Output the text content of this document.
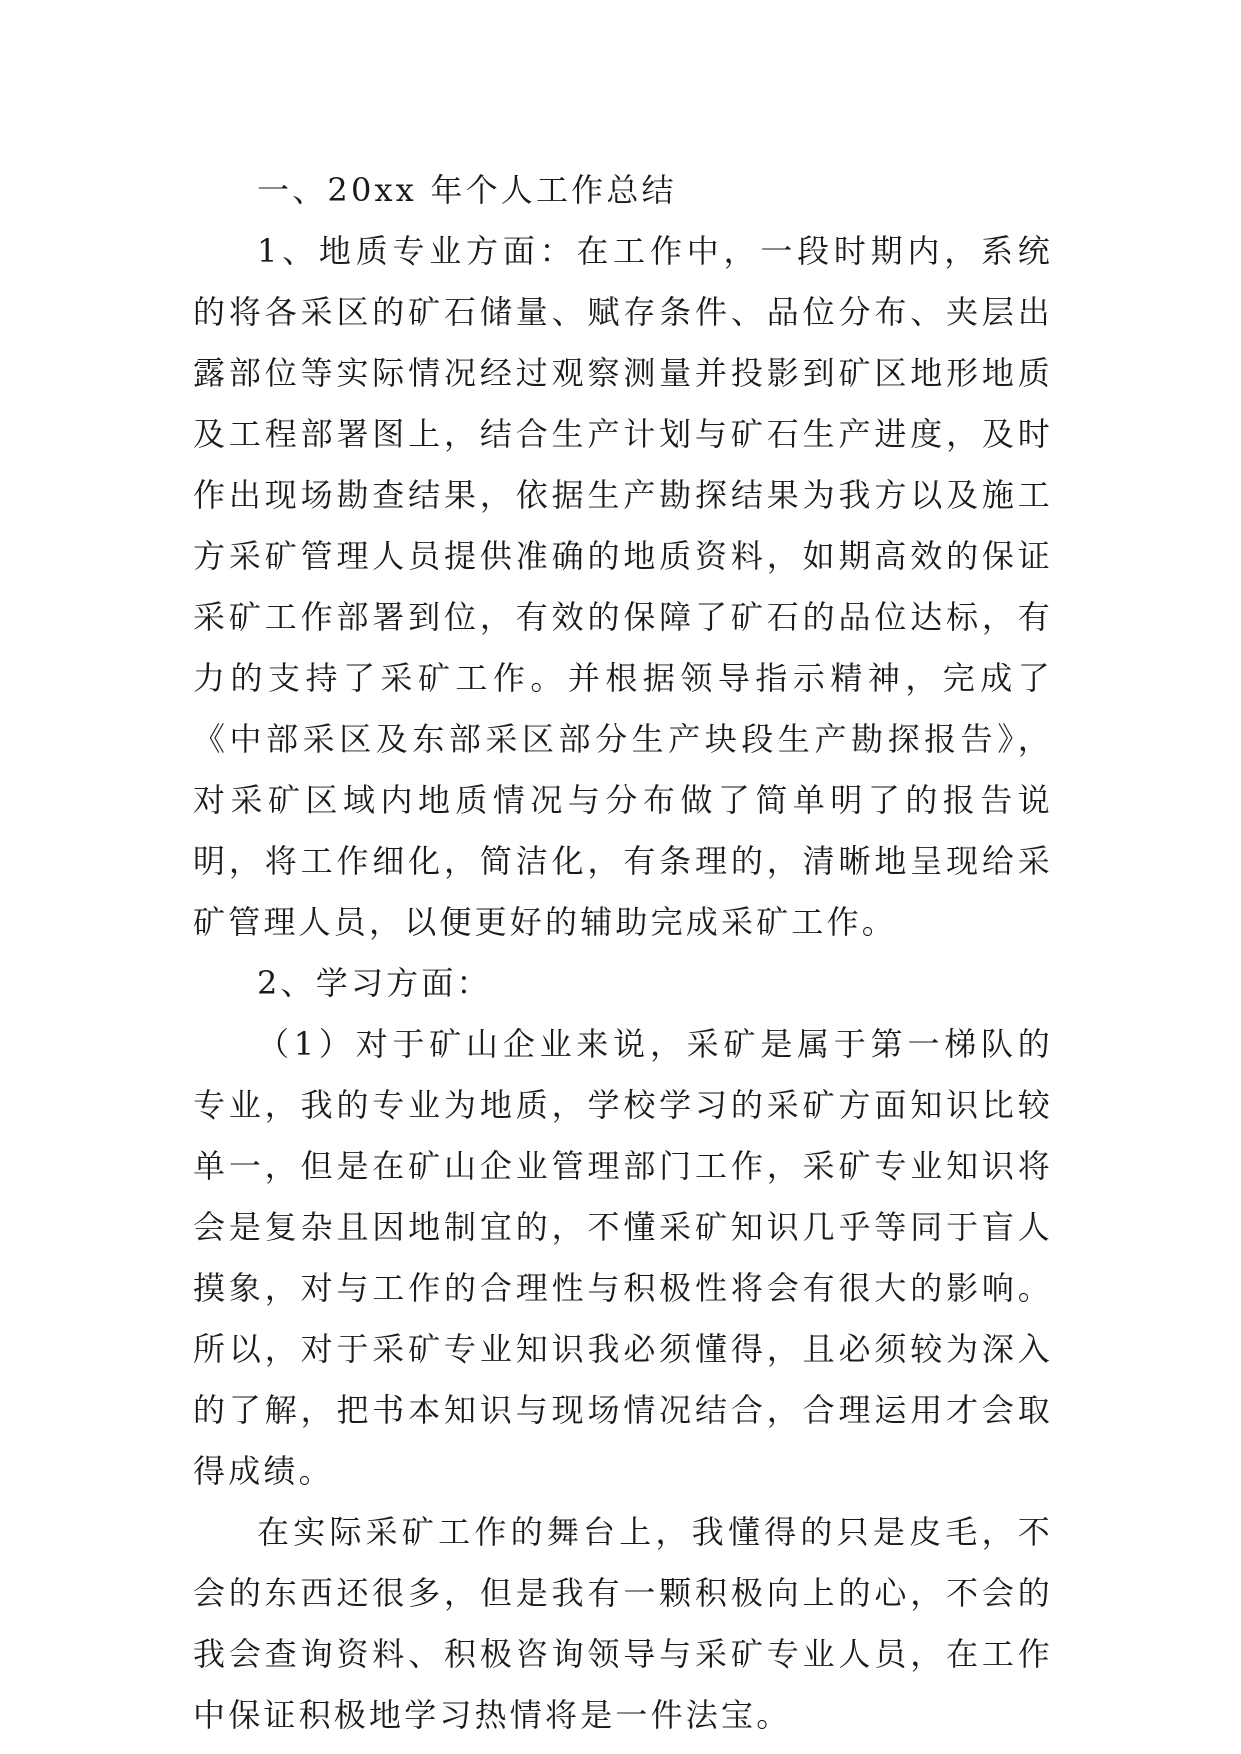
一、20xx 年个人工作总结

1、地质专业方面：在工作中，一段时期内，系统的将各采区的矿石储量、赋存条件、品位分布、夹层出露部位等实际情况经过观察测量并投影到矿区地形地质及工程部署图上，结合生产计划与矿石生产进度，及时作出现场勘查结果，依据生产勘探结果为我方以及施工方采矿管理人员提供准确的地质资料，如期高效的保证采矿工作部署到位，有效的保障了矿石的品位达标，有力的支持了采矿工作。并根据领导指示精神，完成了《中部采区及东部采区部分生产块段生产勘探报告》，对采矿区域内地质情况与分布做了简单明了的报告说明，将工作细化，简洁化，有条理的，清晰地呈现给采矿管理人员，以便更好的辅助完成采矿工作。

2、学习方面：

（1）对于矿山企业来说，采矿是属于第一梯队的专业，我的专业为地质，学校学习的采矿方面知识比较单一，但是在矿山企业管理部门工作，采矿专业知识将会是复杂且因地制宜的，不懂采矿知识几乎等同于盲人摸象，对与工作的合理性与积极性将会有很大的影响。所以，对于采矿专业知识我必须懂得，且必须较为深入的了解，把书本知识与现场情况结合，合理运用才会取得成绩。

在实际采矿工作的舞台上，我懂得的只是皮毛，不会的东西还很多，但是我有一颗积极向上的心，不会的我会查询资料、积极咨询领导与采矿专业人员，在工作中保证积极地学习热情将是一件法宝。
